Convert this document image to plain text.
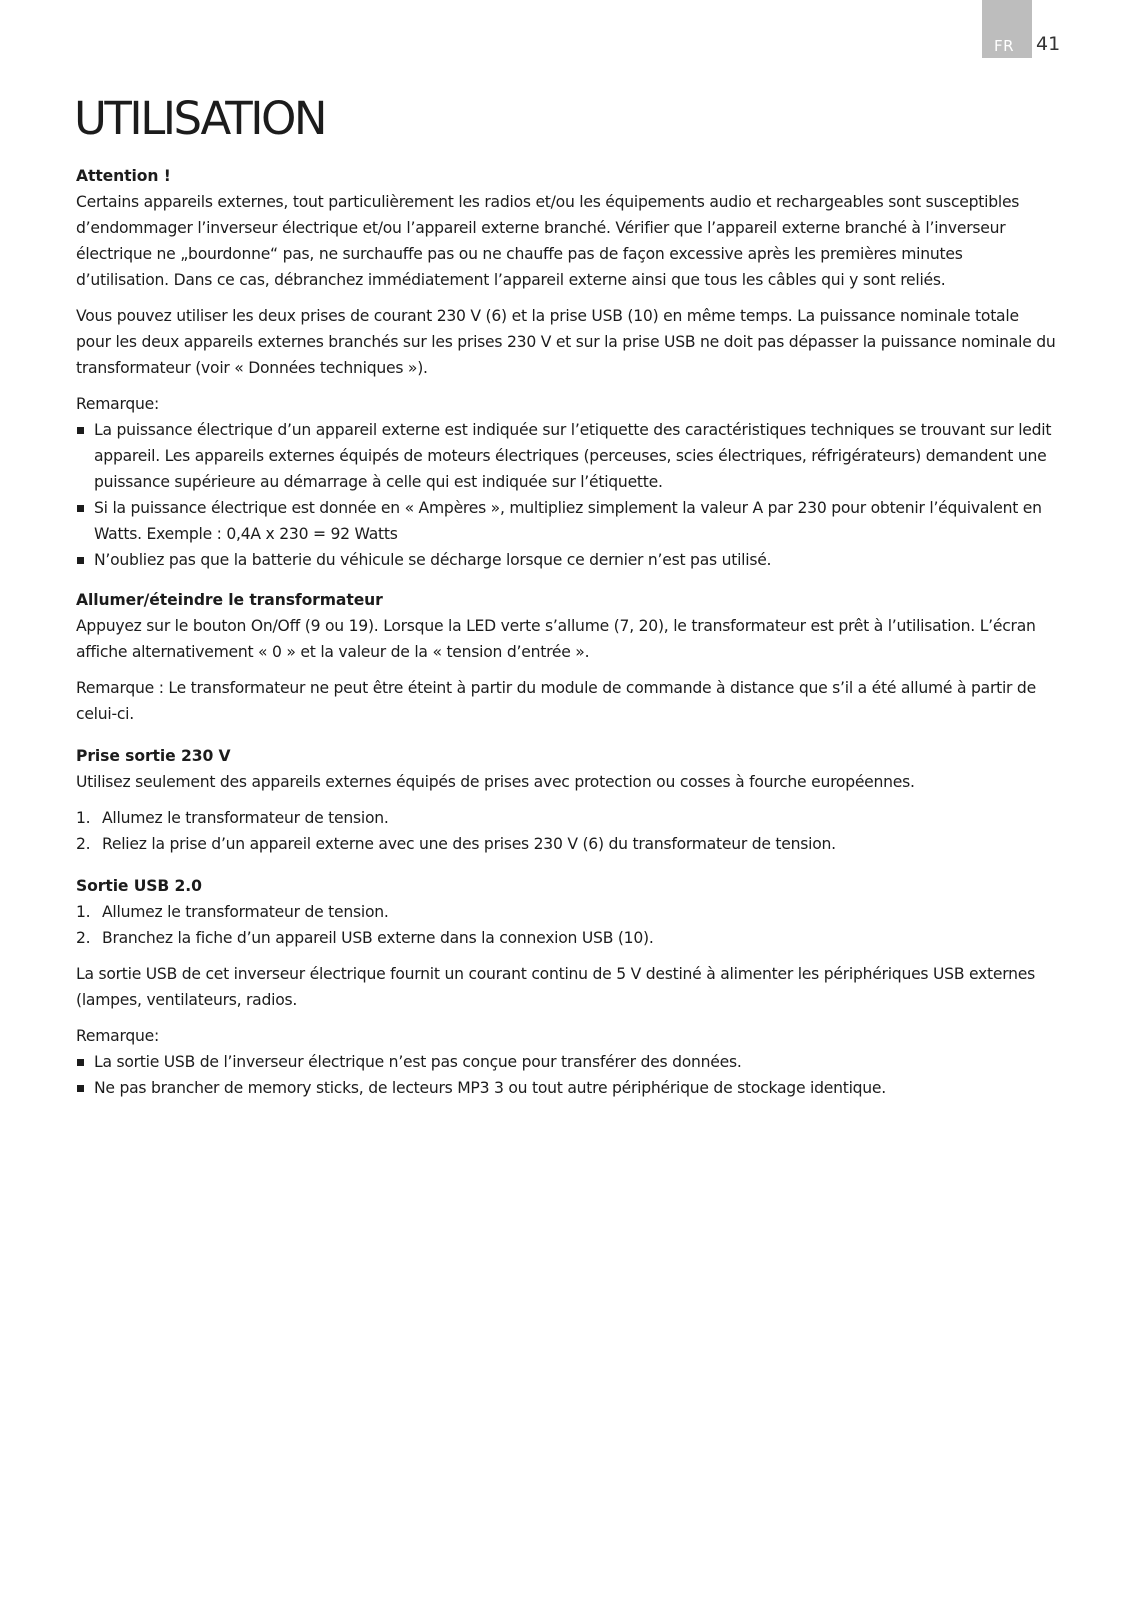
FR 41
UTILISATION
Attention !

Certains appareils externes, tout particulièrement les radios et/ou les équipements audio et rechargeables sont susceptibles d’endommager l’inverseur électrique et/ou l’appareil externe branché. Vérifier que l’appareil externe branché à l’inverseur électrique ne „bourdonne“ pas, ne surchauffe pas ou ne chauffe pas de façon excessive après les premières minutes d’utilisation. Dans ce cas, débranchez immédiatement l’appareil externe ainsi que tous les câbles qui y sont reliés.

Vous pouvez utiliser les deux prises de courant 230 V (6) et la prise USB (10) en même temps. La puissance nominale totale pour les deux appareils externes branchés sur les prises 230 V et sur la prise USB ne doit pas dépasser la puissance nominale du transformateur (voir « Données techniques »).

Remarque:

La puissance électrique d’un appareil externe est indiquée sur l’etiquette des caractéristiques techniques se trouvant sur ledit appareil. Les appareils externes équipés de moteurs électriques (perceuses, scies électriques, réfrigérateurs) demandent une puissance supérieure au démarrage à celle qui est indiquée sur l’étiquette.
Si la puissance électrique est donnée en « Ampères », multipliez simplement la valeur A par 230 pour obtenir l’équivalent en Watts. Exemple : 0,4A x 230 = 92 Watts
N’oubliez pas que la batterie du véhicule se décharge lorsque ce dernier n’est pas utilisé.
Allumer/éteindre le transformateur

Appuyez sur le bouton On/Off (9 ou 19). Lorsque la LED verte s’allume (7, 20), le transformateur est prêt à l’utilisation. L’écran affiche alternativement « 0 » et la valeur de la « tension d’entrée ».

Remarque : Le transformateur ne peut être éteint à partir du module de commande à distance que s’il a été allumé à partir de celui-ci.

Prise sortie 230 V

Utilisez seulement des appareils externes équipés de prises avec protection ou cosses à fourche européennes.

1. Allumez le transformateur de tension.
2. Reliez la prise d’un appareil externe avec une des prises 230 V (6) du transformateur de tension.
Sortie USB 2.0
1. Allumez le transformateur de tension.
2. Branchez la fiche d’un appareil USB externe dans la connexion USB (10).

La sortie USB de cet inverseur électrique fournit un courant continu de 5 V destiné à alimenter les périphériques USB externes (lampes, ventilateurs, radios.

Remarque:

La sortie USB de l’inverseur électrique n’est pas conçue pour transférer des données.
Ne pas brancher de memory sticks, de lecteurs MP3 3 ou tout autre périphérique de stockage identique.
